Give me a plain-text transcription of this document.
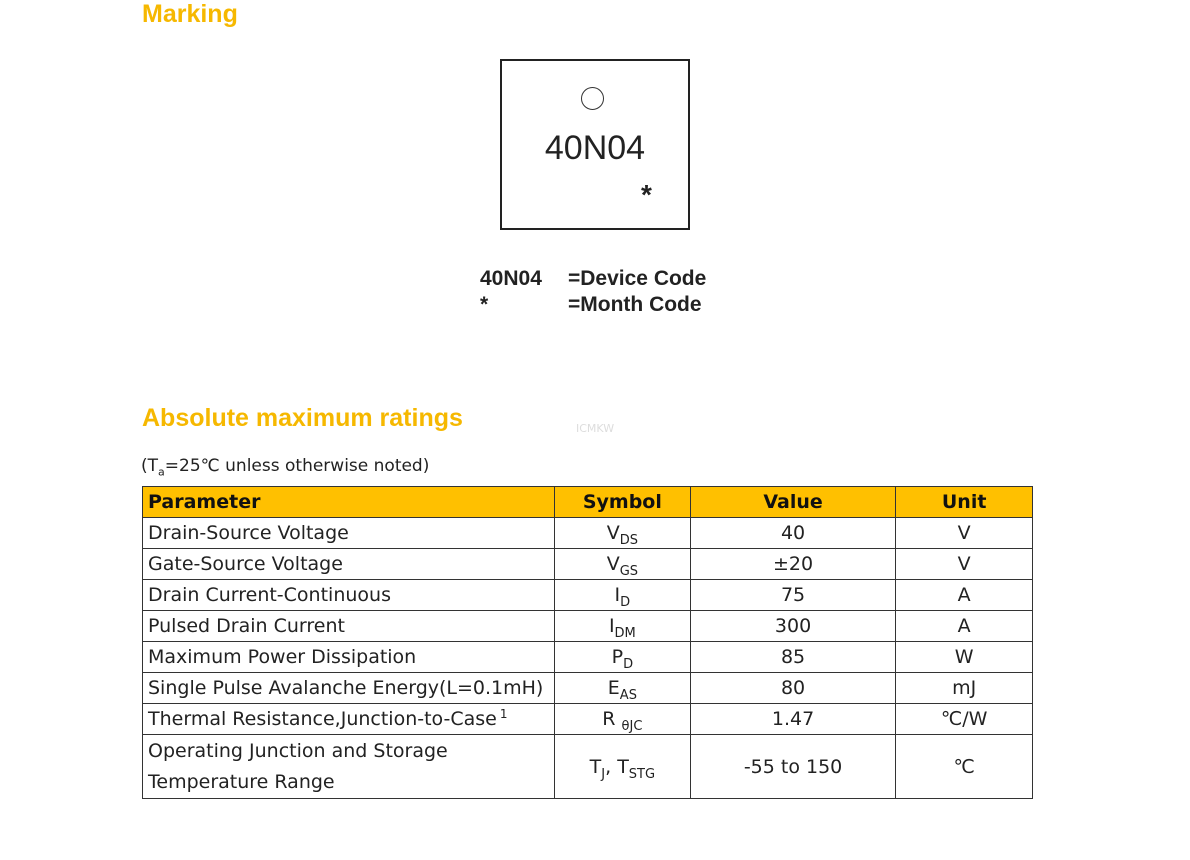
Marking
40N04
*
40N04 =Device Code
*	=Month Code
Absolute maximum ratings	ICMKW
($T_a=25℃$ unless otherwise noted)
Parameter	Symbol	Value	Unit
Drain-Source Voltage	$V_{DS}$	40	V
Gate-Source Voltage	$V_{GS}$	±20	V
Drain Current-Continuous	$I_D$	75	A
Pulsed Drain Current	$I_{DM}$	300	A
Maximum Power Dissipation	$P_D$	85	W
Single Pulse Avalanche Energy(L=0.1mH)	$E_{AS}$	80	mJ
Thermal Resistance,Junction-to-Case $^1$	R $_{\theta JC}$	1.47	℃/W
Operating Junction and Storage
Temperature Range	$T_J$, $T_{STG}$	-55 to 150	℃
